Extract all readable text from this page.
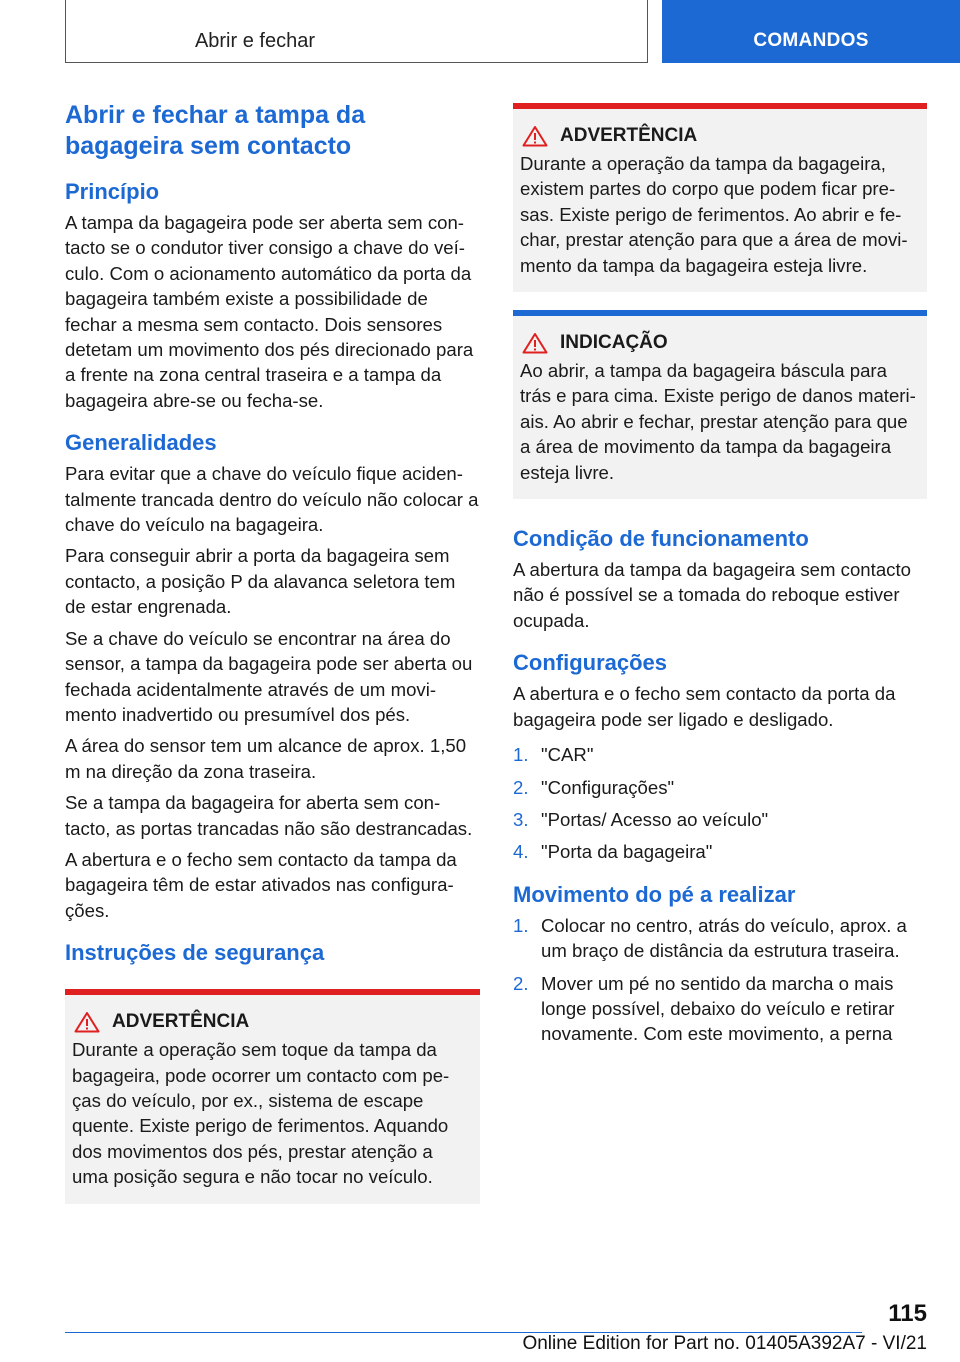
Abrir e fechar	COMANDOS
Abrir e fechar a tampa da bagageira sem contacto
Princípio

A tampa da bagageira pode ser aberta sem con-tacto se o condutor tiver consigo a chave do veí-culo. Com o acionamento automático da porta da bagageira também existe a possibilidade de fechar a mesma sem contacto. Dois sensores detetam um movimento dos pés direcionado para a frente na zona central traseira e a tampa da bagageira abre-se ou fecha-se.

Generalidades

Para evitar que a chave do veículo fique aciden-talmente trancada dentro do veículo não colocar a chave do veículo na bagageira.

Para conseguir abrir a porta da bagageira sem contacto, a posição P da alavanca seletora tem de estar engrenada.

Se a chave do veículo se encontrar na área do sensor, a tampa da bagageira pode ser aberta ou fechada acidentalmente através de um movi-mento inadvertido ou presumível dos pés.

A área do sensor tem um alcance de aprox. 1,50 m na direção da zona traseira.

Se a tampa da bagageira for aberta sem con-tacto, as portas trancadas não são destrancadas.

A abertura e o fecho sem contacto da tampa da bagageira têm de estar ativados nas configura-ções.

Instruções de segurança
ADVERTÊNCIA

Durante a operação sem toque da tampa da bagageira, pode ocorrer um contacto com pe-ças do veículo, por ex., sistema de escape quente. Existe perigo de ferimentos. Aquando dos movimentos dos pés, prestar atenção a uma posição segura e não tocar no veículo.

ADVERTÊNCIA

Durante a operação da tampa da bagageira, existem partes do corpo que podem ficar pre-sas. Existe perigo de ferimentos. Ao abrir e fe-char, prestar atenção para que a área de movi-mento da tampa da bagageira esteja livre.

INDICAÇÃO

Ao abrir, a tampa da bagageira báscula para trás e para cima. Existe perigo de danos materi-ais. Ao abrir e fechar, prestar atenção para que a área de movimento da tampa da bagageira esteja livre.

Condição de funcionamento

A abertura da tampa da bagageira sem contacto não é possível se a tomada do reboque estiver ocupada.

Configurações

A abertura e o fecho sem contacto da porta da bagageira pode ser ligado e desligado.

1. "CAR"
2. "Configurações"
3. "Portas/ Acesso ao veículo"
4. "Porta da bagageira"
Movimento do pé a realizar
1. Colocar no centro, atrás do veículo, aprox. a um braço de distância da estrutura traseira.
2. Mover um pé no sentido da marcha o mais longe possível, debaixo do veículo e retirar novamente. Com este movimento, a perna
115
Online Edition for Part no. 01405A392A7 - VI/21
